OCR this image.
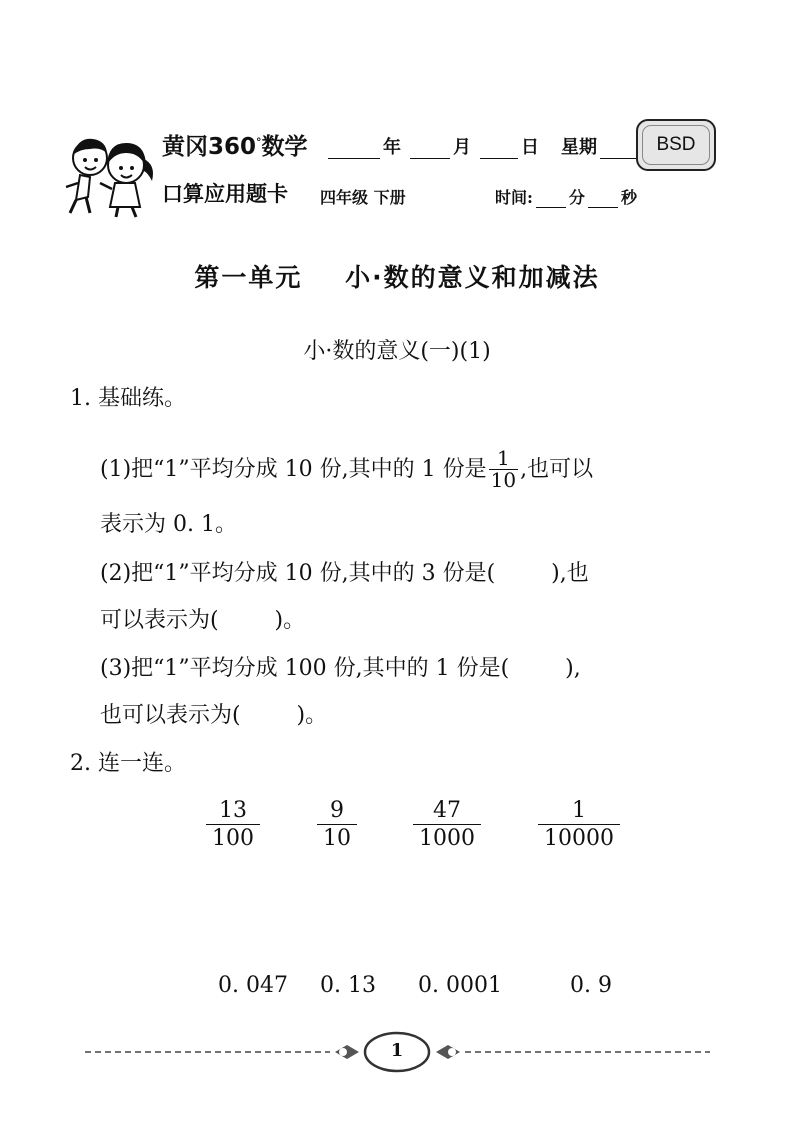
黄冈360°数学
口算应用题卡
年	月	日 星期	BSD
四年级 下册	时间: 分 秒
第一单元    小·数的意义和加减法
小·数的意义(一)(1)
1. 基础练。
(1)把“1”平均分成 10 份,其中的 1 份是 $\frac{1}{10}$ ,也可以
表示为 0. 1。
(2)把“1”平均分成 10 份,其中的 3 份是(        ),也
可以表示为(        )。
(3)把“1”平均分成 100 份,其中的 1 份是(        ),
也可以表示为(        )。
2. 连一连。
$\frac{13}{100}$	$\frac{9}{10}$	$\frac{47}{1000}$	$\frac{1}{10000}$
0. 047 0. 13 0. 0001	0. 9
1
